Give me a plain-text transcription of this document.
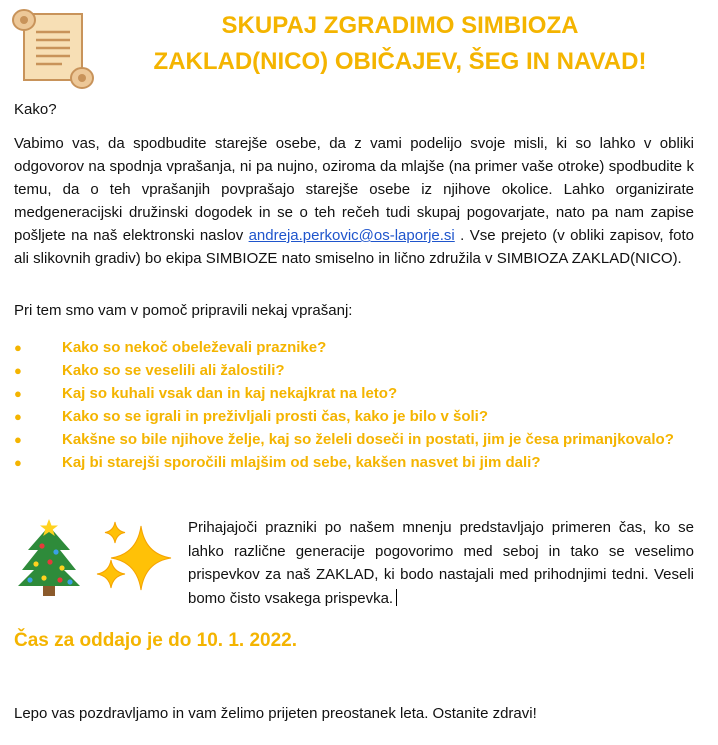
SKUPAJ ZGRADIMO SIMBIOZA
ZAKLAD(NICO) OBIČAJEV, ŠEG IN NAVAD!
Kako?

Vabimo vas, da spodbudite starejše osebe, da z vami podelijo svoje misli, ki so lahko v obliki odgovorov na spodnja vprašanja, ni pa nujno, oziroma da mlajše (na primer vaše otroke) spodbudite k temu, da o teh vprašanjih povprašajo starejše osebe iz njihove okolice. Lahko organizirate medgeneracijski družinski dogodek in se o teh rečeh tudi skupaj pogovarjate, nato pa nam zapise pošljete na naš elektronski naslov andreja.perkovic@os-laporje.si . Vse prejeto (v obliki zapisov, foto ali slikovnih gradiv) bo ekipa SIMBIOZE nato smiselno in lično združila v SIMBIOZA ZAKLAD(NICO).

Pri tem smo vam v pomoč pripravili nekaj vprašanj:
●	Kako so nekoč obeleževali praznike?
●	Kako so se veselili ali žalostili?
●	Kaj so kuhali vsak dan in kaj nekajkrat na leto?
●	Kako so se igrali in preživljali prosti čas, kako je bilo v šoli?
●	Kakšne so bile njihove želje, kaj so želeli doseči in postati, jim je česa primanjkovalo?
●	Kaj bi starejši sporočili mlajšim od sebe, kakšen nasvet bi jim dali?

Prihajajoči prazniki po našem mnenju predstavljajo primeren čas, ko se lahko različne generacije pogovorimo med seboj in tako se veselimo prispevkov za naš ZAKLAD, ki bodo nastajali med prihodnjimi tedni. Veseli bomo čisto vsakega prispevka.

Čas za oddajo je do 10. 1. 2022.
Lepo vas pozdravljamo in vam želimo prijeten preostanek leta. Ostanite zdravi!
